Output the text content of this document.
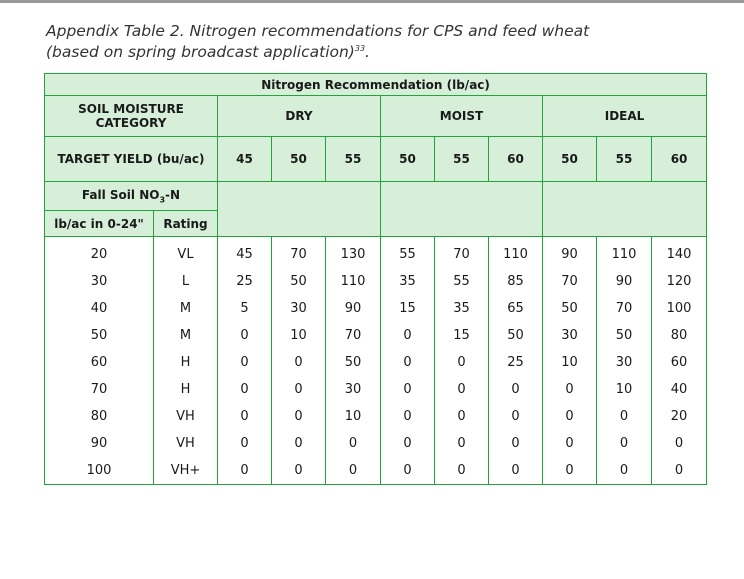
Appendix Table 2. Nitrogen recommendations for CPS and feed wheat
(based on spring broadcast application)$^{33}$.
Nitrogen Recommendation (lb/ac)										
SOIL MOISTURE CATEGORY		DRY			MOIST			IDEAL		
TARGET YIELD (bu/ac)		45	50	55	50	55	60	50	55	60
Fall Soil $NO_3-N$										
lb/ac in 0-24"	Rating									
20	VL	45	70	130	55	70	110	90	110	140
30	L	25	50	110	35	55	85	70	90	120
40	M	5	30	90	15	35	65	50	70	100
50	M	0	10	70	0	15	50	30	50	80
60	H	0	0	50	0	0	25	10	30	60
70	H	0	0	30	0	0	0	0	10	40
80	VH	0	0	10	0	0	0	0	0	20
90	VH	0	0	0	0	0	0	0	0	0
100	VH+	0	0	0	0	0	0	0	0	0
